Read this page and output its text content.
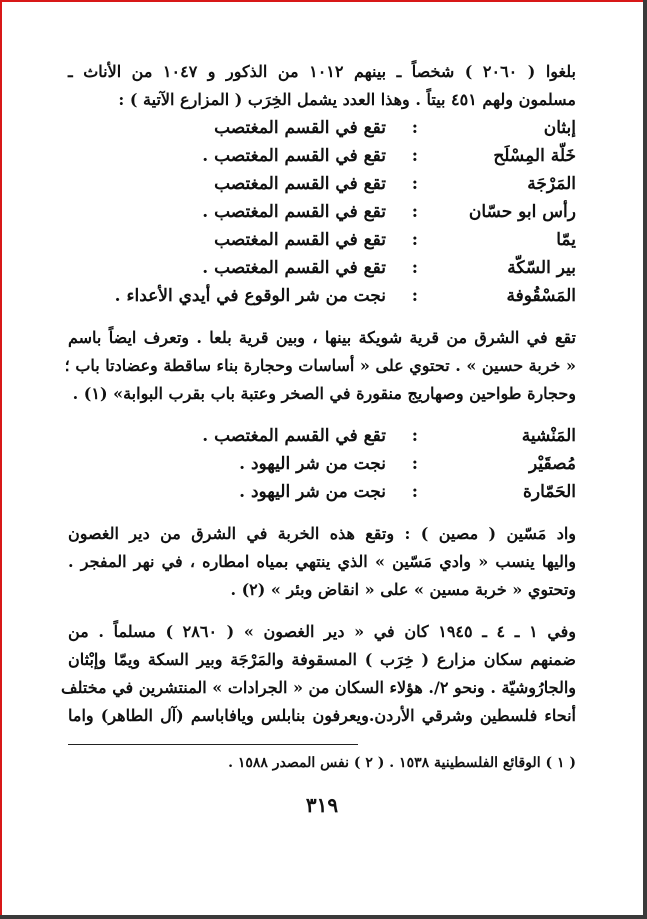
بلغوا ( ٢٠٦٠ ) شخصاً ـ بينهم ١٠١٢ من الذكور و ١٠٤٧ من الأناث ـ
مسلمون ولهم ٤٥١ بيتاً . وهذا العدد يشمل الخِرَب ( المزارع الآتية ) :
إبثان
:
تقع في القسم المغتصب
خَلّة المِسْلَح
:
تقع في القسم المغتصب .
المَرْجَة
:
تقع في القسم المغتصب
رأس ابو حسّان
:
تقع في القسم المغتصب .
يمّا
:
تقع في القسم المغتصب
بير السّكّة
:
تقع في القسم المغتصب .
المَسْقُوفة
:
نجت من شر الوقوع في أيدي الأعداء .
تقع في الشرق من قرية شويكة بينها ، وبين قرية بلعا . وتعرف ايضاً باسم
« خربة حسين » . تحتوي على « أساسات وحجارة بناء ساقطة وعضادتا باب ؛
وحجارة طواحين وصهاريج منقورة في الصخر وعتبة باب بقرب البوابة» (١) .
المَنْشية
:
تقع في القسم المغتصب .
مُصقَيْر
:
نجت من شر اليهود .
الحَمّارة
:
نجت من شر اليهود .
واد مَسّين ( مصين ) : وتقع هذه الخربة في الشرق من دير الغصون
واليها ينسب « وادي مَسّين » الذي ينتهي بمياه امطاره ، في نهر المفجر .
وتحتوي « خربة مسين » على « انقاض وبئر » (٢) .
وفي ١ ـ ٤ ـ ١٩٤٥ كان في « دير الغصون » ( ٢٨٦٠ ) مسلماً . من
ضمنهم سكان مزارع ( خِرَب ) المسقوفة والمَرْجَة وبير السكة ويمّا وإبْثان
والجارُوشيّة . ونحو ٢/. هؤلاء السكان من « الجرادات » المنتشرين في مختلف
أنحاء فلسطين وشرقي الأردن.ويعرفون بنابلس ويافاباسم (آل الطاهر) واما
( ١ ) الوقائع الفلسطينية ١٥٣٨ . ( ٢ ) نفس المصدر ١٥٨٨ .
٣١٩
